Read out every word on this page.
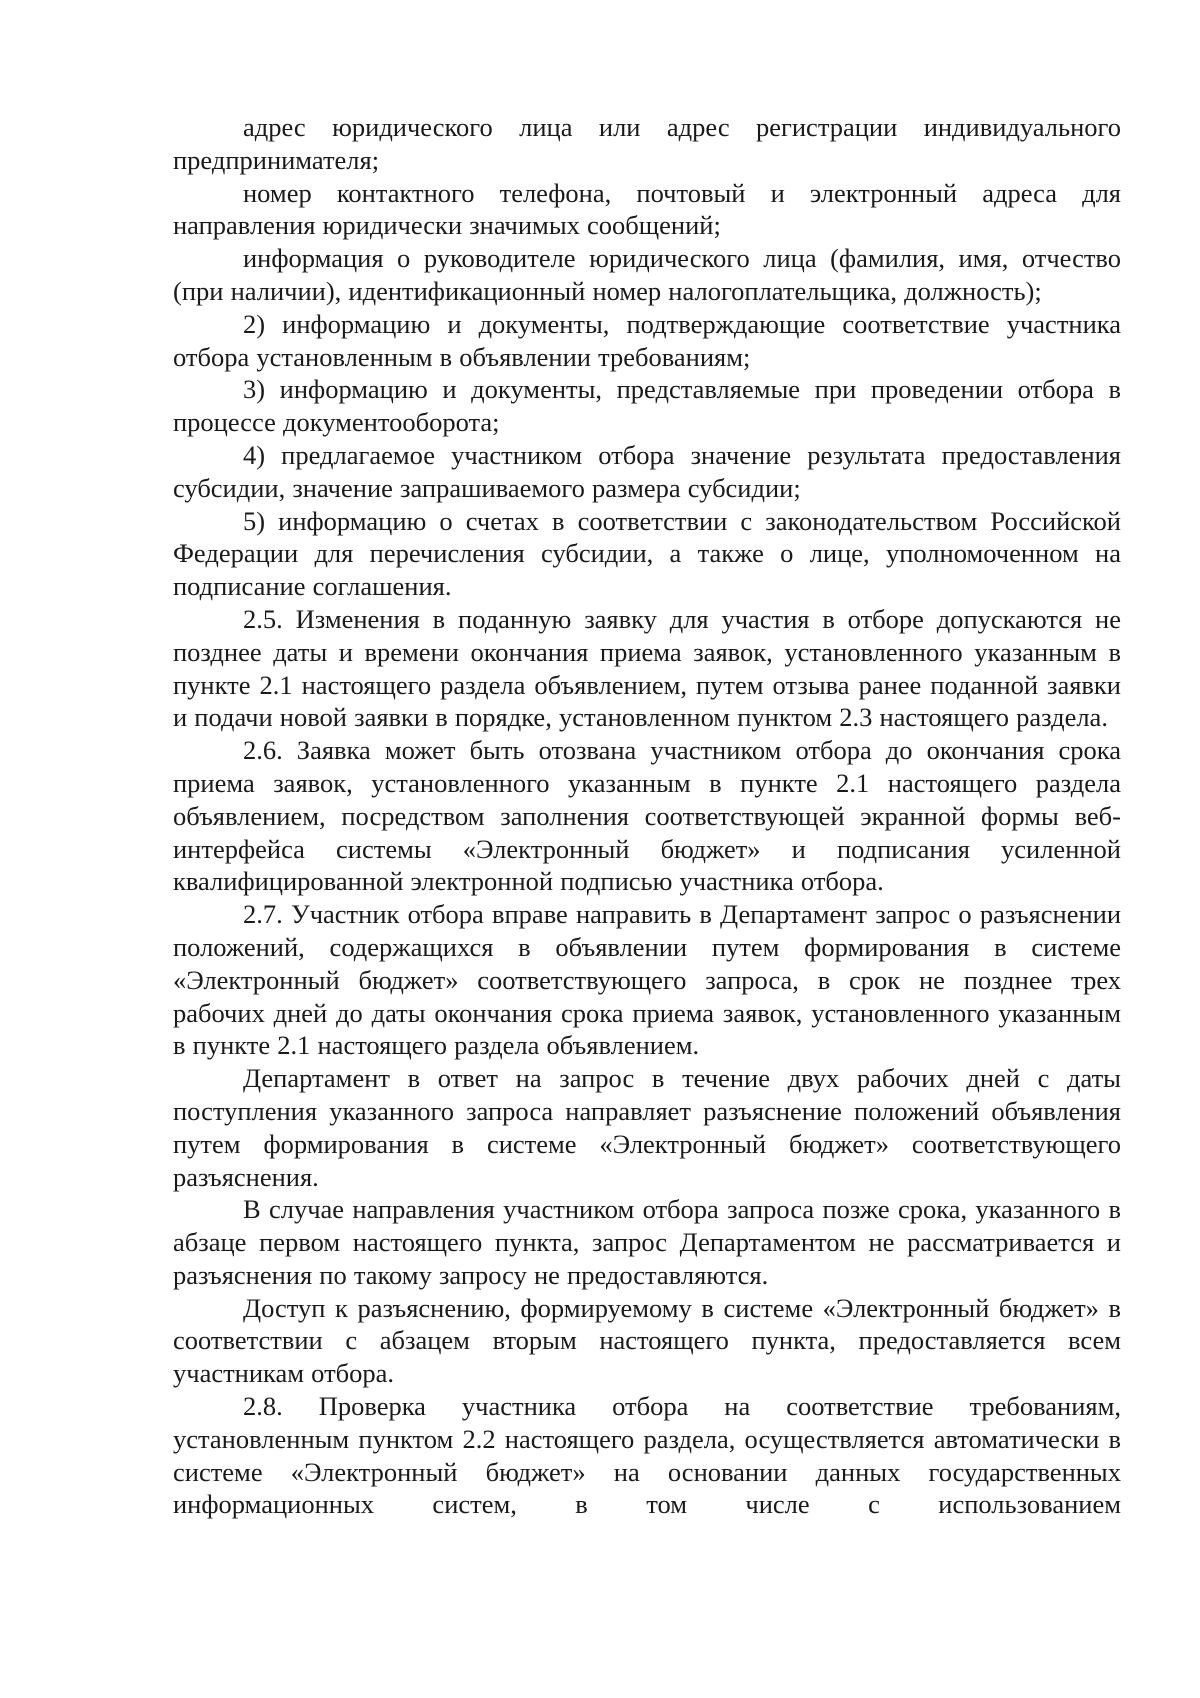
адрес юридического лица или адрес регистрации индивидуального предпринимателя;

номер контактного телефона, почтовый и электронный адреса для направления юридически значимых сообщений;

информация о руководителе юридического лица (фамилия, имя, отчество (при наличии), идентификационный номер налогоплательщика, должность);

2) информацию и документы, подтверждающие соответствие участника отбора установленным в объявлении требованиям;

3) информацию и документы, представляемые при проведении отбора в процессе документооборота;

4) предлагаемое участником отбора значение результата предоставления субсидии, значение запрашиваемого размера субсидии;

5) информацию о счетах в соответствии с законодательством Российской Федерации для перечисления субсидии, а также о лице, уполномоченном на подписание соглашения.

2.5. Изменения в поданную заявку для участия в отборе допускаются не позднее даты и времени окончания приема заявок, установленного указанным в пункте 2.1 настоящего раздела объявлением, путем отзыва ранее поданной заявки и подачи новой заявки в порядке, установленном пунктом 2.3 настоящего раздела.

2.6. Заявка может быть отозвана участником отбора до окончания срока приема заявок, установленного указанным в пункте 2.1 настоящего раздела объявлением, посредством заполнения соответствующей экранной формы веб-интерфейса системы «Электронный бюджет» и подписания усиленной квалифицированной электронной подписью участника отбора.

2.7. Участник отбора вправе направить в Департамент запрос о разъяснении положений, содержащихся в объявлении путем формирования в системе «Электронный бюджет» соответствующего запроса, в срок не позднее трех рабочих дней до даты окончания срока приема заявок, установленного указанным в пункте 2.1 настоящего раздела объявлением.

Департамент в ответ на запрос в течение двух рабочих дней с даты поступления указанного запроса направляет разъяснение положений объявления путем формирования в системе «Электронный бюджет» соответствующего разъяснения.

В случае направления участником отбора запроса позже срока, указанного в абзаце первом настоящего пункта, запрос Департаментом не рассматривается и разъяснения по такому запросу не предоставляются.

Доступ к разъяснению, формируемому в системе «Электронный бюджет» в соответствии с абзацем вторым настоящего пункта, предоставляется всем участникам отбора.

2.8. Проверка участника отбора на соответствие требованиям, установленным пунктом 2.2 настоящего раздела, осуществляется автоматически в системе «Электронный бюджет» на основании данных государственных информационных систем, в том числе с использованием
